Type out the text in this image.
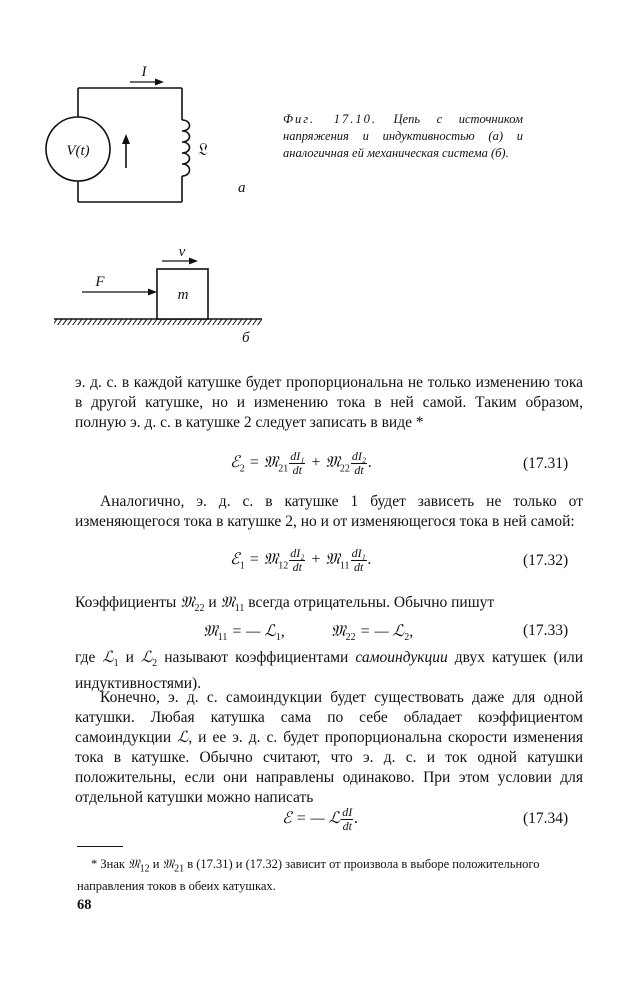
V(t)
I
𝔏
а
Фиг. 17.10. Цепь с источником напряжения и индуктивностью (а) и аналогичная ей механическая система (б).
m
v
F
б
э. д. с. в каждой катушке будет пропорциональна не только изменению тока в другой катушке, но и изменению тока в ней самой. Таким образом, полную э. д. с. в катушке 2 следует записать в виде *
ℰ$_2$ = 𝔐$_{21}$ $\frac{\text{dI₁}}{dt}$ + 𝔐$_{22}$ $\frac{\text{dI₂}}{dt}$ .	(17.31)
Аналогично, э. д. с. в катушке 1 будет зависеть не только от изменяющегося тока в катушке 2, но и от изменяющегося тока в ней самой:
ℰ$_1$ = 𝔐$_{12}$ $\frac{\text{dI₂}}{dt}$ + 𝔐$_{11}$ $\frac{\text{dI₁}}{dt}$ .	(17.32)
Коэффициенты 𝔐$_{22}$ и 𝔐$_{11}$ всегда отрицательны. Обычно пишут
𝔐$_{11}$ = — ℒ$_1$,	𝔐$_{22}$ = — ℒ$_2$,	(17.33)
где ℒ$_1$ и ℒ$_2$ называют коэффициентами самоиндукции двух катушек (или индуктивностями).
Конечно, э. д. с. самоиндукции будет существовать даже для одной катушки. Любая катушка сама по себе обладает коэффициентом самоиндукции ℒ, и ее э. д. с. будет пропорциональна скорости изменения тока в катушке. Обычно считают, что э. д. с. и ток одной катушки положительны, если они направлены одинаково. При этом условии для отдельной катушки можно написать
ℰ = — ℒ $\frac{dI}{dt}$ .	(17.34)
* Знак 𝔐$_{12}$ и 𝔐$_{21}$ в (17.31) и (17.32) зависит от произвола в выборе положительного направления токов в обеих катушках.
68
